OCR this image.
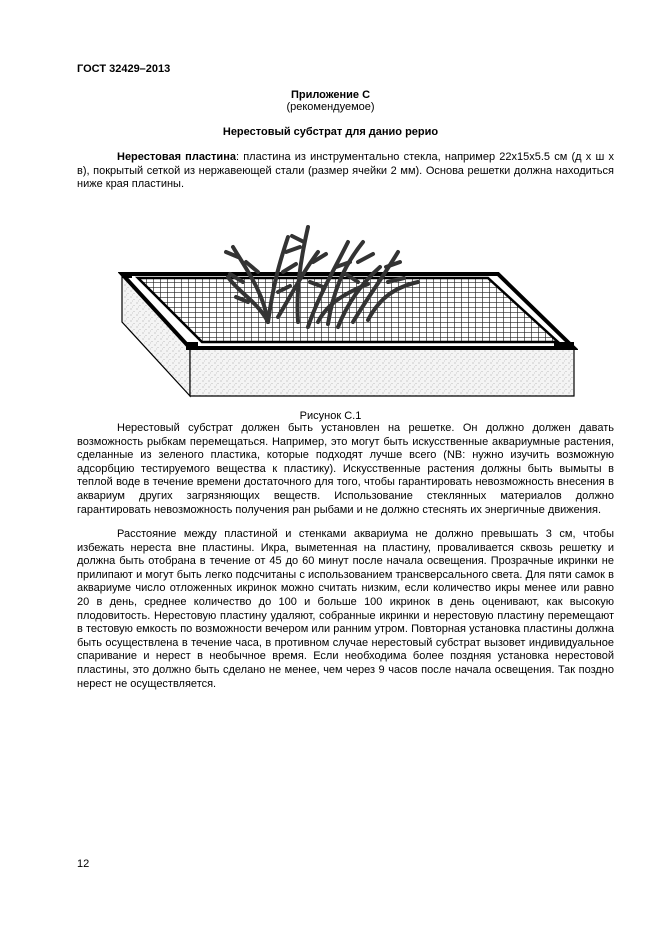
ГОСТ 32429–2013
Приложение С
(рекомендуемое)
Нерестовый субстрат для данио рерио

Нерестовая пластина: пластина из инструментально стекла, например 22х15х5.5 см (д х ш х в), покрытый сеткой из нержавеющей стали (размер ячейки 2 мм). Основа решетки должна находиться ниже края пластины.

Рисунок С.1

Нерестовый субстрат должен быть установлен на решетке. Он должно должен давать возможность рыбкам перемещаться. Например, это могут быть искусственные аквариумные растения, сделанные из зеленого пластика, которые подходят лучше всего (NB: нужно изучить возможную адсорбцию тестируемого вещества к пластику). Искусственные растения должны быть вымыты в теплой воде в течение времени достаточного для того, чтобы гарантировать невозможность внесения в аквариум других загрязняющих веществ. Использование стеклянных материалов должно гарантировать невозможность получения ран рыбами и не должно стеснять их энергичные движения.

Расстояние между пластиной и стенками аквариума не должно превышать 3 см, чтобы избежать нереста вне пластины. Икра, выметенная на пластину, проваливается сквозь решетку и должна быть отобрана в течение от 45 до 60 минут после начала освещения. Прозрачные икринки не прилипают и могут быть легко подсчитаны с использованием трансверсального света. Для пяти самок в аквариуме число отложенных икринок можно считать низким, если количество икры менее или равно 20 в день, среднее количество до 100 и больше 100 икринок в день оценивают, как высокую плодовитость. Нерестовую пластину удаляют, собранные икринки и нерестовую пластину перемещают в тестовую емкость по возможности вечером или ранним утром. Повторная установка пластины должна быть осуществлена в течение часа, в противном случае нерестовый субстрат вызовет индивидуальное спаривание и нерест в необычное время. Если необходима более поздняя установка нерестовой пластины, это должно быть сделано не менее, чем через 9 часов после начала освещения. Так поздно нерест не осуществляется.

12
